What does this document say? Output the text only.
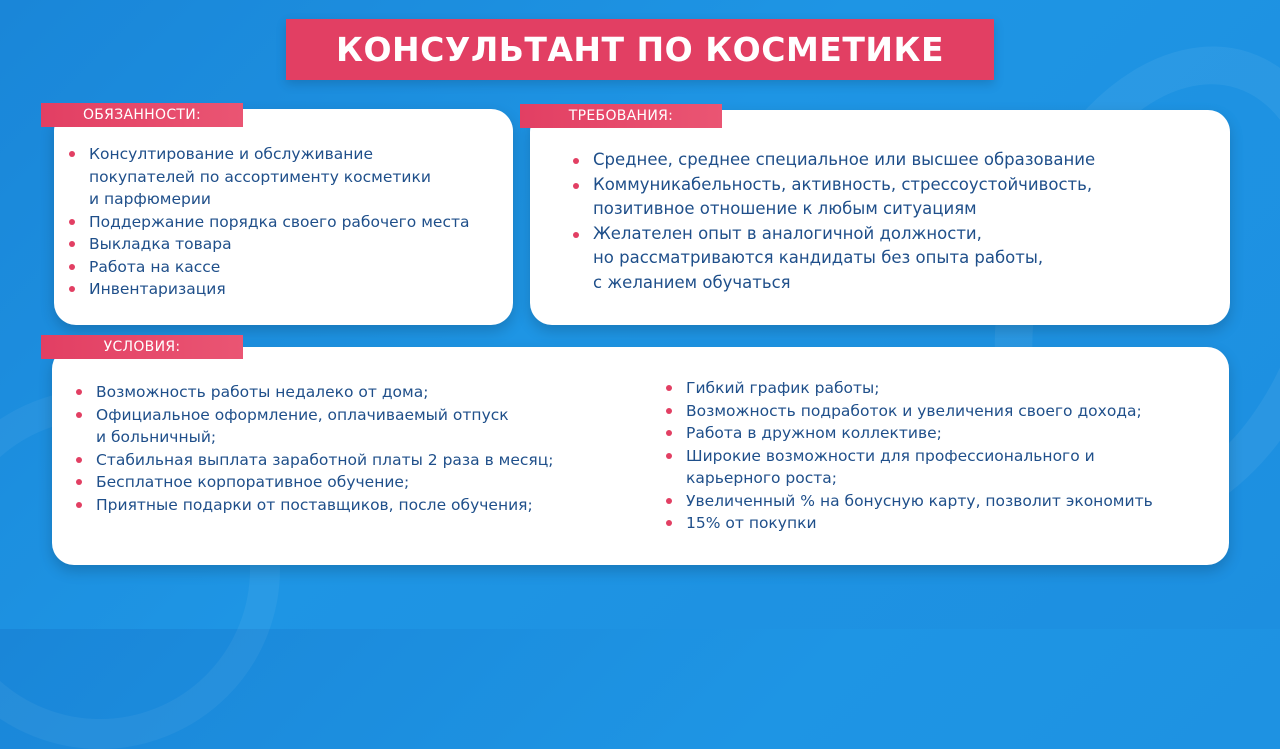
КОНСУЛЬТАНТ ПО КОСМЕТИКЕ
ОБЯЗАННОСТИ:	ТРЕБОВАНИЯ:
УСЛОВИЯ:
Консултирование и обслуживание
покупателей по ассортименту косметики
и парфюмерии
Поддержание порядка своего рабочего места
Выкладка товара
Работа на кассе
Инвентаризация
Среднее, среднее специальное или высшее образование
Коммуникабельность, активность, стрессоустойчивость,
позитивное отношение к любым ситуациям
Желателен опыт в аналогичной должности,
но рассматриваются кандидаты без опыта работы,
с желанием обучаться
Возможность работы недалеко от дома;
Официальное оформление, оплачиваемый отпуск
и больничный;
Стабильная выплата заработной платы 2 раза в месяц;
Бесплатное корпоративное обучение;
Приятные подарки от поставщиков, после обучения;
Гибкий график работы;
Возможность подработок и увеличения своего дохода;
Работа в дружном коллективе;
Широкие возможности для профессионального и
карьерного роста;
Увеличенный % на бонусную карту, позволит экономить
15% от покупки
